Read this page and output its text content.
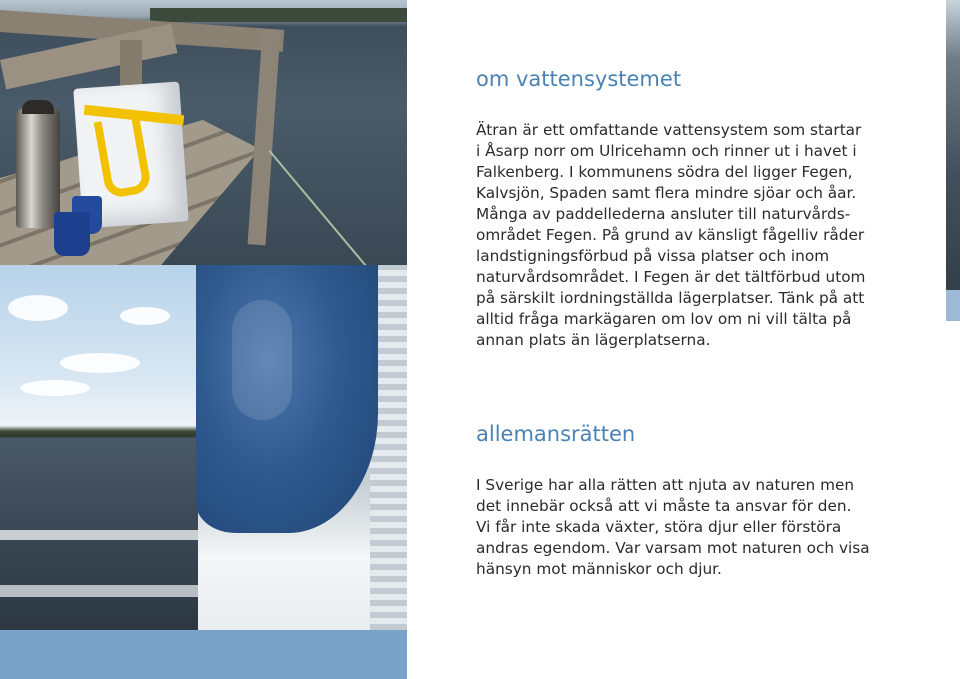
om vattensystemet
Ätran är ett omfattande vattensystem som startar
i Åsarp norr om Ulricehamn och rinner ut i havet i
Falkenberg. I kommunens södra del ligger Fegen,
Kalvsjön, Spaden samt flera mindre sjöar och åar.
Många av paddellederna ansluter till naturvårds-
området Fegen. På grund av känsligt fågelliv råder
landstigningsförbud på vissa platser och inom
naturvårdsområdet. I Fegen är det tältförbud utom
på särskilt iordningställda lägerplatser. Tänk på att
alltid fråga markägaren om lov om ni vill tälta på
annan plats än lägerplatserna.
allemansrätten
I Sverige har alla rätten att njuta av naturen men
det innebär också att vi måste ta ansvar för den.
Vi får inte skada växter, störa djur eller förstöra
andras egendom. Var varsam mot naturen och visa
hänsyn mot människor och djur.
